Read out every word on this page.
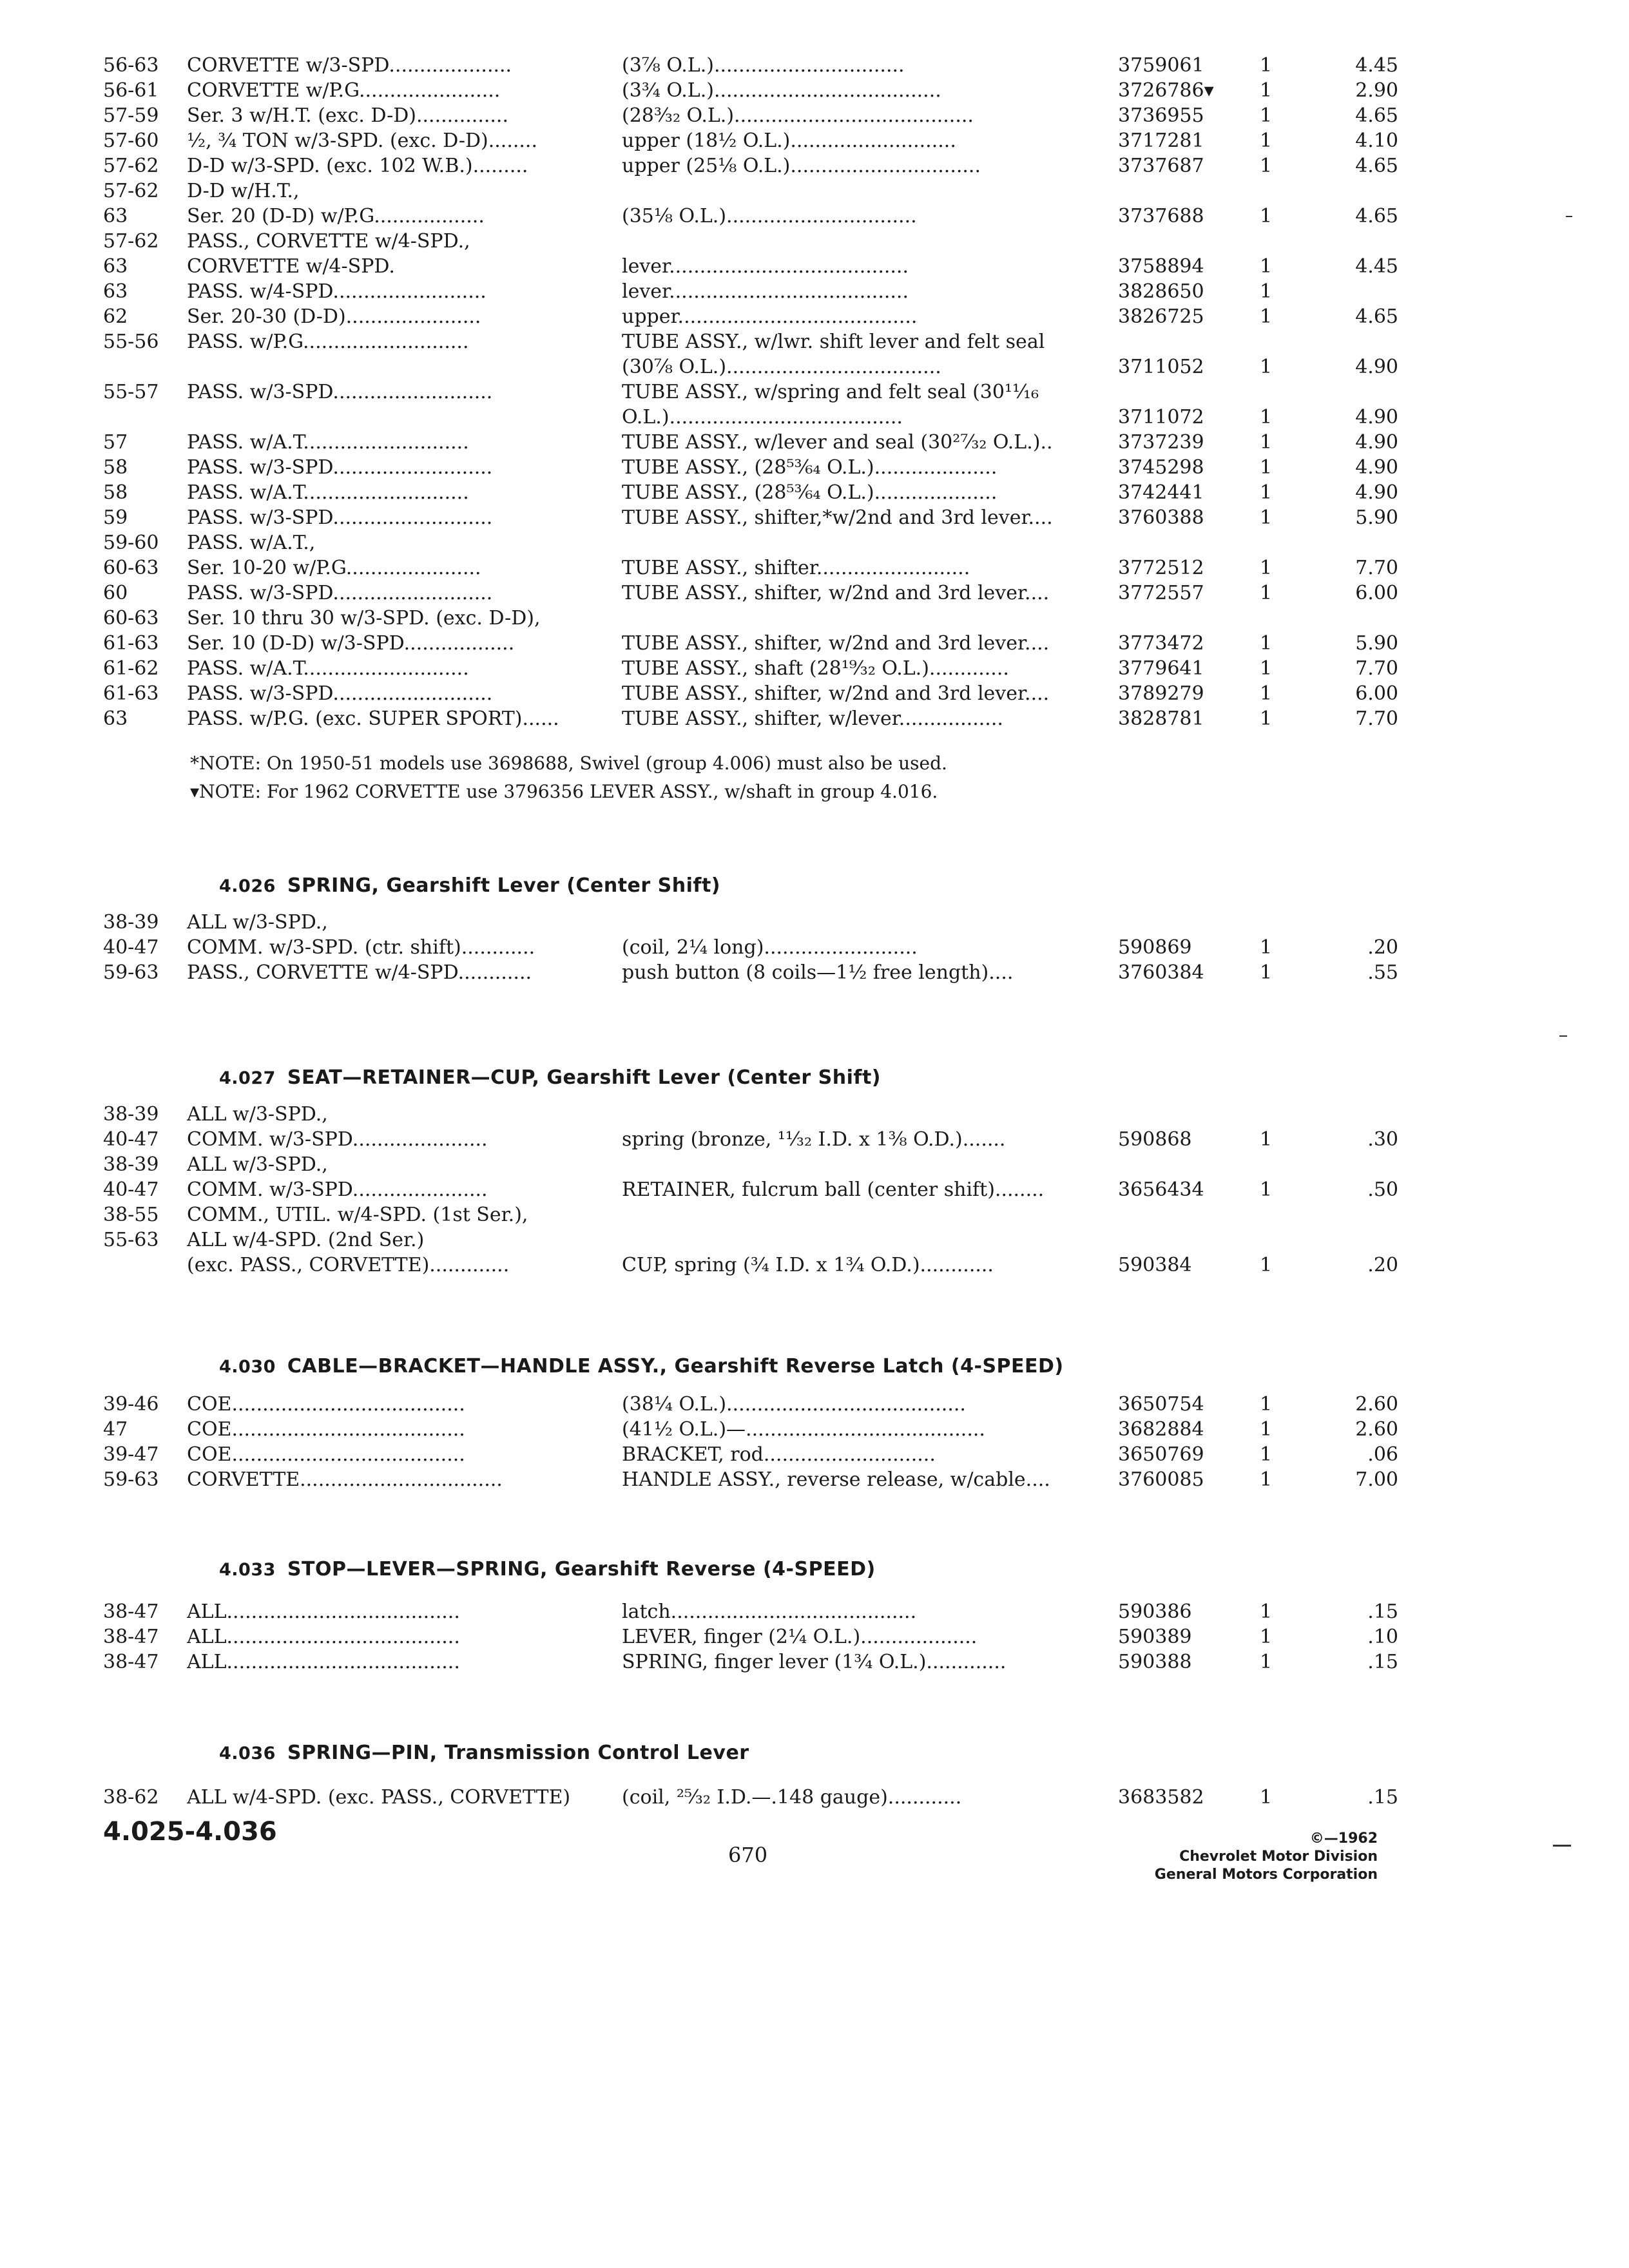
56-63	CORVETTE w/3-SPD....................	(3⅞ O.L.)...............................	3759061	1	4.45
56-61	CORVETTE w/P.G.......................	(3¾ O.L.).....................................	3726786▾	1	2.90
57-59	Ser. 3 w/H.T. (exc. D-D)...............	(28³⁄₃₂ O.L.).......................................	3736955	1	4.65
57-60	½, ¾ TON w/3-SPD. (exc. D-D)........	upper (18½ O.L.)...........................	3717281	1	4.10
57-62	D-D w/3-SPD. (exc. 102 W.B.).........	upper (25⅛ O.L.)...............................	3737687	1	4.65
57-62	D-D w/H.T.,
63	Ser. 20 (D-D) w/P.G..................	(35⅛ O.L.)...............................	3737688	1	4.65
57-62	PASS., CORVETTE w/4-SPD.,
63	CORVETTE w/4-SPD.	lever.......................................	3758894	1	4.45
63	PASS. w/4-SPD.........................	lever.......................................	3828650	1
62	Ser. 20-30 (D-D)......................	upper.......................................	3826725	1	4.65
55-56	PASS. w/P.G...........................	TUBE ASSY., w/lwr. shift lever and felt seal
(30⅞ O.L.)...................................	3711052	1	4.90
55-57	PASS. w/3-SPD..........................	TUBE ASSY., w/spring and felt seal (30¹¹⁄₁₆
O.L.)......................................	3711072	1	4.90
57	PASS. w/A.T...........................	TUBE ASSY., w/lever and seal (30²⁷⁄₃₂ O.L.)..	3737239	1	4.90
58	PASS. w/3-SPD..........................	TUBE ASSY., (28⁵³⁄₆₄ O.L.)....................	3745298	1	4.90
58	PASS. w/A.T...........................	TUBE ASSY., (28⁵³⁄₆₄ O.L.)....................	3742441	1	4.90
59	PASS. w/3-SPD..........................	TUBE ASSY., shifter,*w/2nd and 3rd lever....	3760388	1	5.90
59-60	PASS. w/A.T.,
60-63	Ser. 10-20 w/P.G......................	TUBE ASSY., shifter.........................	3772512	1	7.70
60	PASS. w/3-SPD..........................	TUBE ASSY., shifter, w/2nd and 3rd lever....	3772557	1	6.00
60-63	Ser. 10 thru 30 w/3-SPD. (exc. D-D),
61-63	Ser. 10 (D-D) w/3-SPD..................	TUBE ASSY., shifter, w/2nd and 3rd lever....	3773472	1	5.90
61-62	PASS. w/A.T...........................	TUBE ASSY., shaft (28¹⁹⁄₃₂ O.L.).............	3779641	1	7.70
61-63	PASS. w/3-SPD..........................	TUBE ASSY., shifter, w/2nd and 3rd lever....	3789279	1	6.00
63	PASS. w/P.G. (exc. SUPER SPORT)......	TUBE ASSY., shifter, w/lever.................	3828781	1	7.70
*NOTE: On 1950-51 models use 3698688, Swivel (group 4.006) must also be used.
▾NOTE: For 1962 CORVETTE use 3796356 LEVER ASSY., w/shaft in group 4.016.
4.026 SPRING, Gearshift Lever (Center Shift)
38-39	ALL w/3-SPD.,
40-47	COMM. w/3-SPD. (ctr. shift)............	(coil, 2¼ long).........................	590869	1	.20
59-63	PASS., CORVETTE w/4-SPD............	push button (8 coils—1½ free length)....	3760384	1	.55
4.027 SEAT—RETAINER—CUP, Gearshift Lever (Center Shift)
38-39	ALL w/3-SPD.,
40-47	COMM. w/3-SPD......................	spring (bronze, ¹¹⁄₃₂ I.D. x 1⅜ O.D.).......	590868	1	.30
38-39	ALL w/3-SPD.,
40-47	COMM. w/3-SPD......................	RETAINER, fulcrum ball (center shift)........	3656434	1	.50
38-55	COMM., UTIL. w/4-SPD. (1st Ser.),
55-63	ALL w/4-SPD. (2nd Ser.)
(exc. PASS., CORVETTE).............	CUP, spring (¾ I.D. x 1¾ O.D.)............	590384	1	.20
4.030 CABLE—BRACKET—HANDLE ASSY., Gearshift Reverse Latch (4-SPEED)
39-46	COE......................................	(38¼ O.L.).......................................	3650754	1	2.60
47	COE......................................	(41½ O.L.)—.......................................	3682884	1	2.60
39-47	COE......................................	BRACKET, rod............................	3650769	1	.06
59-63	CORVETTE.................................	HANDLE ASSY., reverse release, w/cable....	3760085	1	7.00
4.033 STOP—LEVER—SPRING, Gearshift Reverse (4-SPEED)
38-47	ALL......................................	latch........................................	590386	1	.15
38-47	ALL......................................	LEVER, finger (2¼ O.L.)...................	590389	1	.10
38-47	ALL......................................	SPRING, finger lever (1¾ O.L.).............	590388	1	.15
4.036 SPRING—PIN, Transmission Control Lever
38-62	ALL w/4-SPD. (exc. PASS., CORVETTE)	(coil, ²⁵⁄₃₂ I.D.—.148 gauge)............	3683582	1	.15
4.025-4.036
670
©—1962
Chevrolet Motor Division
General Motors Corporation
